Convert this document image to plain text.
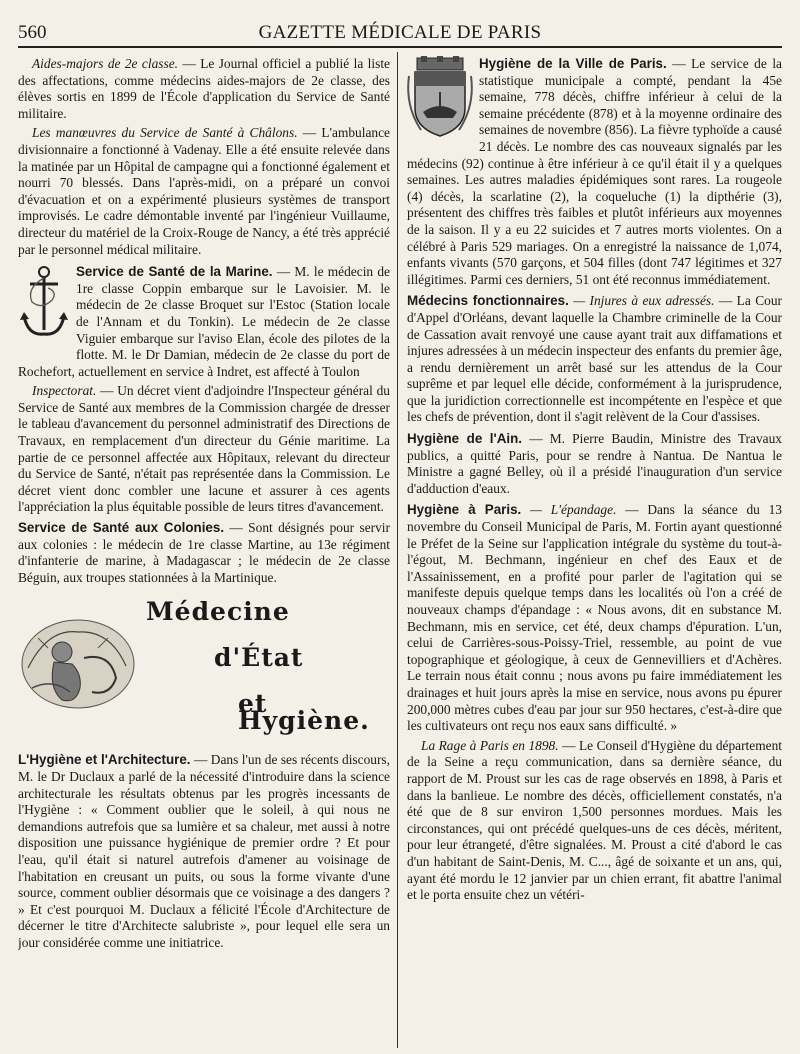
560	GAZETTE MÉDICALE DE PARIS

Aides-majors de 2e classe. — Le Journal officiel a publié la liste des affectations, comme médecins aides-majors de 2e classe, des élèves sortis en 1899 de l'École d'application du Service de Santé militaire.

Les manœuvres du Service de Santé à Châlons. — L'ambulance divisionnaire a fonctionné à Vadenay. Elle a été ensuite relevée dans la matinée par un Hôpital de campagne qui a fonctionné également et nourri 70 blessés. Dans l'après-midi, on a préparé un convoi d'évacuation et on a expérimenté plusieurs systèmes de transport improvisés. Le cadre démontable inventé par l'ingénieur Vuillaume, directeur du matériel de la Croix-Rouge de Nancy, a été très apprécié par le personnel médical militaire.

Service de Santé de la Marine. — M. le médecin de 1re classe Coppin embarque sur le Lavoisier. M. le médecin de 2e classe Broquet sur l'Estoc (Station locale de l'Annam et du Tonkin). Le médecin de 2e classe Viguier embarque sur l'aviso Elan, école des pilotes de la flotte. M. le Dr Damian, médecin de 2e classe du port de Rochefort, actuellement en service à Indret, est affecté à Toulon

Inspectorat. — Un décret vient d'adjoindre l'Inspecteur général du Service de Santé aux membres de la Commission chargée de dresser le tableau d'avancement du personnel administratif des Directions de Travaux, en remplacement d'un directeur du Génie maritime. La partie de ce personnel affectée aux Hôpitaux, relevant du directeur du Service de Santé, n'était pas représentée dans la Commission. Le décret vient donc combler une lacune et assurer à ces agents l'appréciation la plus équitable possible de leurs titres d'avancement.

Service de Santé aux Colonies. — Sont désignés pour servir aux colonies : le médecin de 1re classe Martine, au 13e régiment d'infanterie de marine, à Madagascar ; le médecin de 2e classe Béguin, aux troupes stationnées à la Martinique.

Médecine
d'État
et Hygiène.

L'Hygiène et l'Architecture. — Dans l'un de ses récents discours, M. le Dr Duclaux a parlé de la nécessité d'introduire dans la science architecturale les résultats obtenus par les progrès incessants de l'Hygiène : « Comment oublier que le soleil, à qui nous ne demandions autrefois que sa lumière et sa chaleur, met aussi à notre disposition une puissance hygiénique de premier ordre ? Et pour l'eau, qu'il était si naturel autrefois d'amener au voisinage de l'habitation en creusant un puits, ou sous la forme vivante d'une source, comment oublier désormais que ce voisinage a des dangers ? » Et c'est pourquoi M. Duclaux a félicité l'École d'Architecture de décerner le titre d'Architecte salubriste », pour lequel elle sera un jour considérée comme une initiatrice.

Hygiène de la Ville de Paris. — Le service de la statistique municipale a compté, pendant la 45e semaine, 778 décès, chiffre inférieur à celui de la semaine précédente (878) et à la moyenne ordinaire des semaines de novembre (856). La fièvre typhoïde a causé 21 décès. Le nombre des cas nouveaux signalés par les médecins (92) continue à être inférieur à ce qu'il était il y a quelques semaines. Les autres maladies épidémiques sont rares. La rougeole (4) décès, la scarlatine (2), la coqueluche (1) la dipthérie (3), présentent des chiffres très faibles et plutôt inférieurs aux moyennes de la saison. Il y a eu 22 suicides et 7 autres morts violentes. On a célébré à Paris 529 mariages. On a enregistré la naissance de 1,074, enfants vivants (570 garçons, et 504 filles (dont 747 légitimes et 327 illégitimes. Parmi ces derniers, 51 ont été reconnus immédiatement.

Médecins fonctionnaires. — Injures à eux adressés. — La Cour d'Appel d'Orléans, devant laquelle la Chambre criminelle de la Cour de Cassation avait renvoyé une cause ayant trait aux diffamations et injures adressées à un médecin inspecteur des enfants du premier âge, a rendu dernièrement un arrêt basé sur les attendus de la Cour suprême et par lequel elle décide, conformément à la jurisprudence, que la juridiction correctionnelle est incompétente en l'espèce et que les chefs de prévention, dont il s'agit relèvent de la Cour d'assises.

Hygiène de l'Ain. — M. Pierre Baudin, Ministre des Travaux publics, a quitté Paris, pour se rendre à Nantua. De Nantua le Ministre a gagné Belley, où il a présidé l'inauguration d'un service d'adduction d'eaux.

Hygiène à Paris. — L'épandage. — Dans la séance du 13 novembre du Conseil Municipal de Paris, M. Fortin ayant questionné le Préfet de la Seine sur l'application intégrale du système du tout-à-l'égout, M. Bechmann, ingénieur en chef des Eaux et de l'Assainissement, en a profité pour parler de l'agitation qui se manifeste depuis quelque temps dans les localités où l'on a créé de nouveaux champs d'épandage : « Nous avons, dit en substance M. Bechmann, mis en service, cet été, deux champs d'épuration. L'un, celui de Carrières-sous-Poissy-Triel, ressemble, au point de vue topographique et géologique, à ceux de Gennevilliers et d'Achères. Le terrain nous était connu ; nous avons pu faire immédiatement les drainages et huit jours après la mise en service, nous avons pu épurer 200,000 mètres cubes d'eau par jour sur 950 hectares, c'est-à-dire que les cultivateurs ont reçu nos eaux sans difficulté. »

La Rage à Paris en 1898. — Le Conseil d'Hygiène du département de la Seine a reçu communication, dans sa dernière séance, du rapport de M. Proust sur les cas de rage observés en 1898, à Paris et dans la banlieue. Le nombre des décès, officiellement constatés, n'a été que de 8 sur environ 1,500 personnes mordues. Mais les circonstances, qui ont précédé quelques-uns de ces décès, méritent, pour leur étrangeté, d'être signalées. M. Proust a cité d'abord le cas d'un habitant de Saint-Denis, M. C..., âgé de soixante et un ans, qui, ayant été mordu le 12 janvier par un chien errant, fit abattre l'animal et le porta ensuite chez un vétéri-
